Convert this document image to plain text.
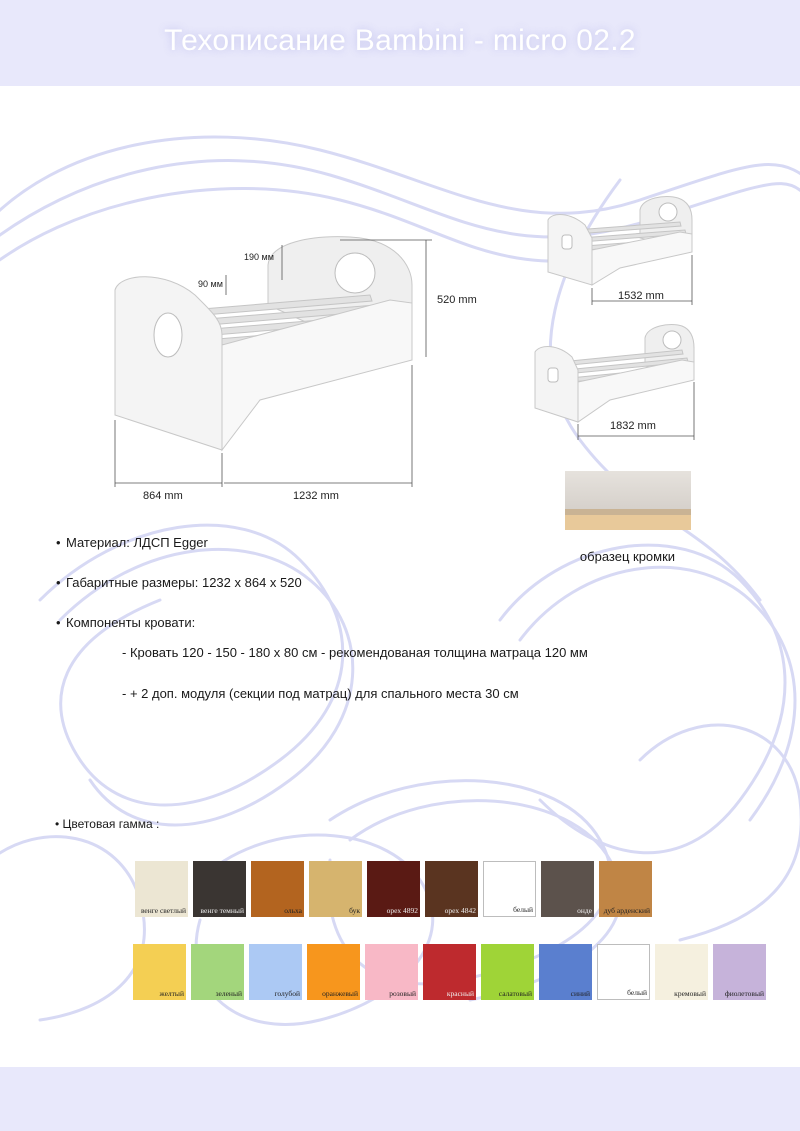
Техописание Bambini - micro 02.2
190 мм
90 мм
520 mm
864 mm	1232 mm
1532 mm
1832 mm
образец кромки
• Материал: ЛДСП Egger
• Габаритные размеры: 1232 x 864 x 520
• Компоненты кровати:
- Кровать 120 - 150 - 180 х 80 см - рекомендованая толщина матраца 120 мм
- + 2 доп. модуля (секции под матрац) для спального места 30 см
• Цветовая гамма :
венге светлый венге темный	ольха	бук	орех 4892	орех 4842	белый	онде дуб арденский
желтый	зеленый	голубой	оранжевый	розовый	красный	салатовый	синий	белый	кремовый	фиолетовый
